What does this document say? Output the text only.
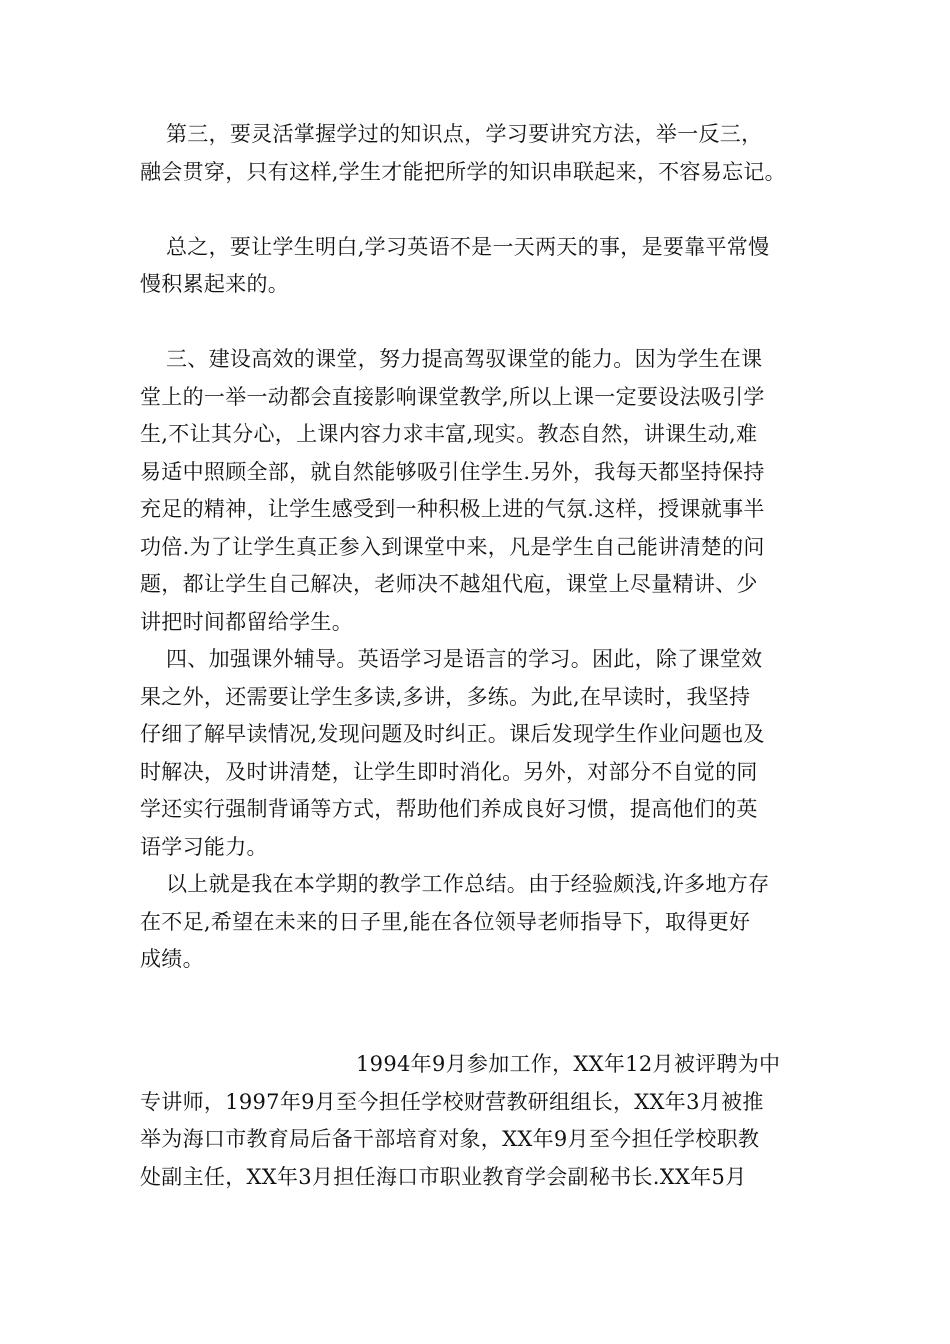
第三，要灵活掌握学过的知识点，学习要讲究方法，举一反三，
融会贯穿，只有这样,学生才能把所学的知识串联起来，不容易忘记。
总之，要让学生明白,学习英语不是一天两天的事，是要靠平常慢
慢积累起来的。
三、建设高效的课堂，努力提高驾驭课堂的能力。因为学生在课
堂上的一举一动都会直接影响课堂教学,所以上课一定要设法吸引学
生,不让其分心，上课内容力求丰富,现实。教态自然，讲课生动,难
易适中照顾全部，就自然能够吸引住学生.另外，我每天都坚持保持
充足的精神，让学生感受到一种积极上进的气氛.这样，授课就事半
功倍.为了让学生真正参入到课堂中来，凡是学生自己能讲清楚的问
题，都让学生自己解决，老师决不越俎代庖，课堂上尽量精讲、少
讲把时间都留给学生。
四、加强课外辅导。英语学习是语言的学习。困此，除了课堂效
果之外，还需要让学生多读,多讲，多练。为此,在早读时，我坚持
仔细了解早读情况,发现问题及时纠正。课后发现学生作业问题也及
时解决，及时讲清楚，让学生即时消化。另外，对部分不自觉的同
学还实行强制背诵等方式，帮助他们养成良好习惯，提高他们的英
语学习能力。
以上就是我在本学期的教学工作总结。由于经验颇浅,许多地方存
在不足,希望在未来的日子里,能在各位领导老师指导下，取得更好
成绩。
1994年9月参加工作，XX年12月被评聘为中
专讲师，1997年9月至今担任学校财营教研组组长，XX年3月被推
举为海口市教育局后备干部培育对象，XX年9月至今担任学校职教
处副主任，XX年3月担任海口市职业教育学会副秘书长.XX年5月
